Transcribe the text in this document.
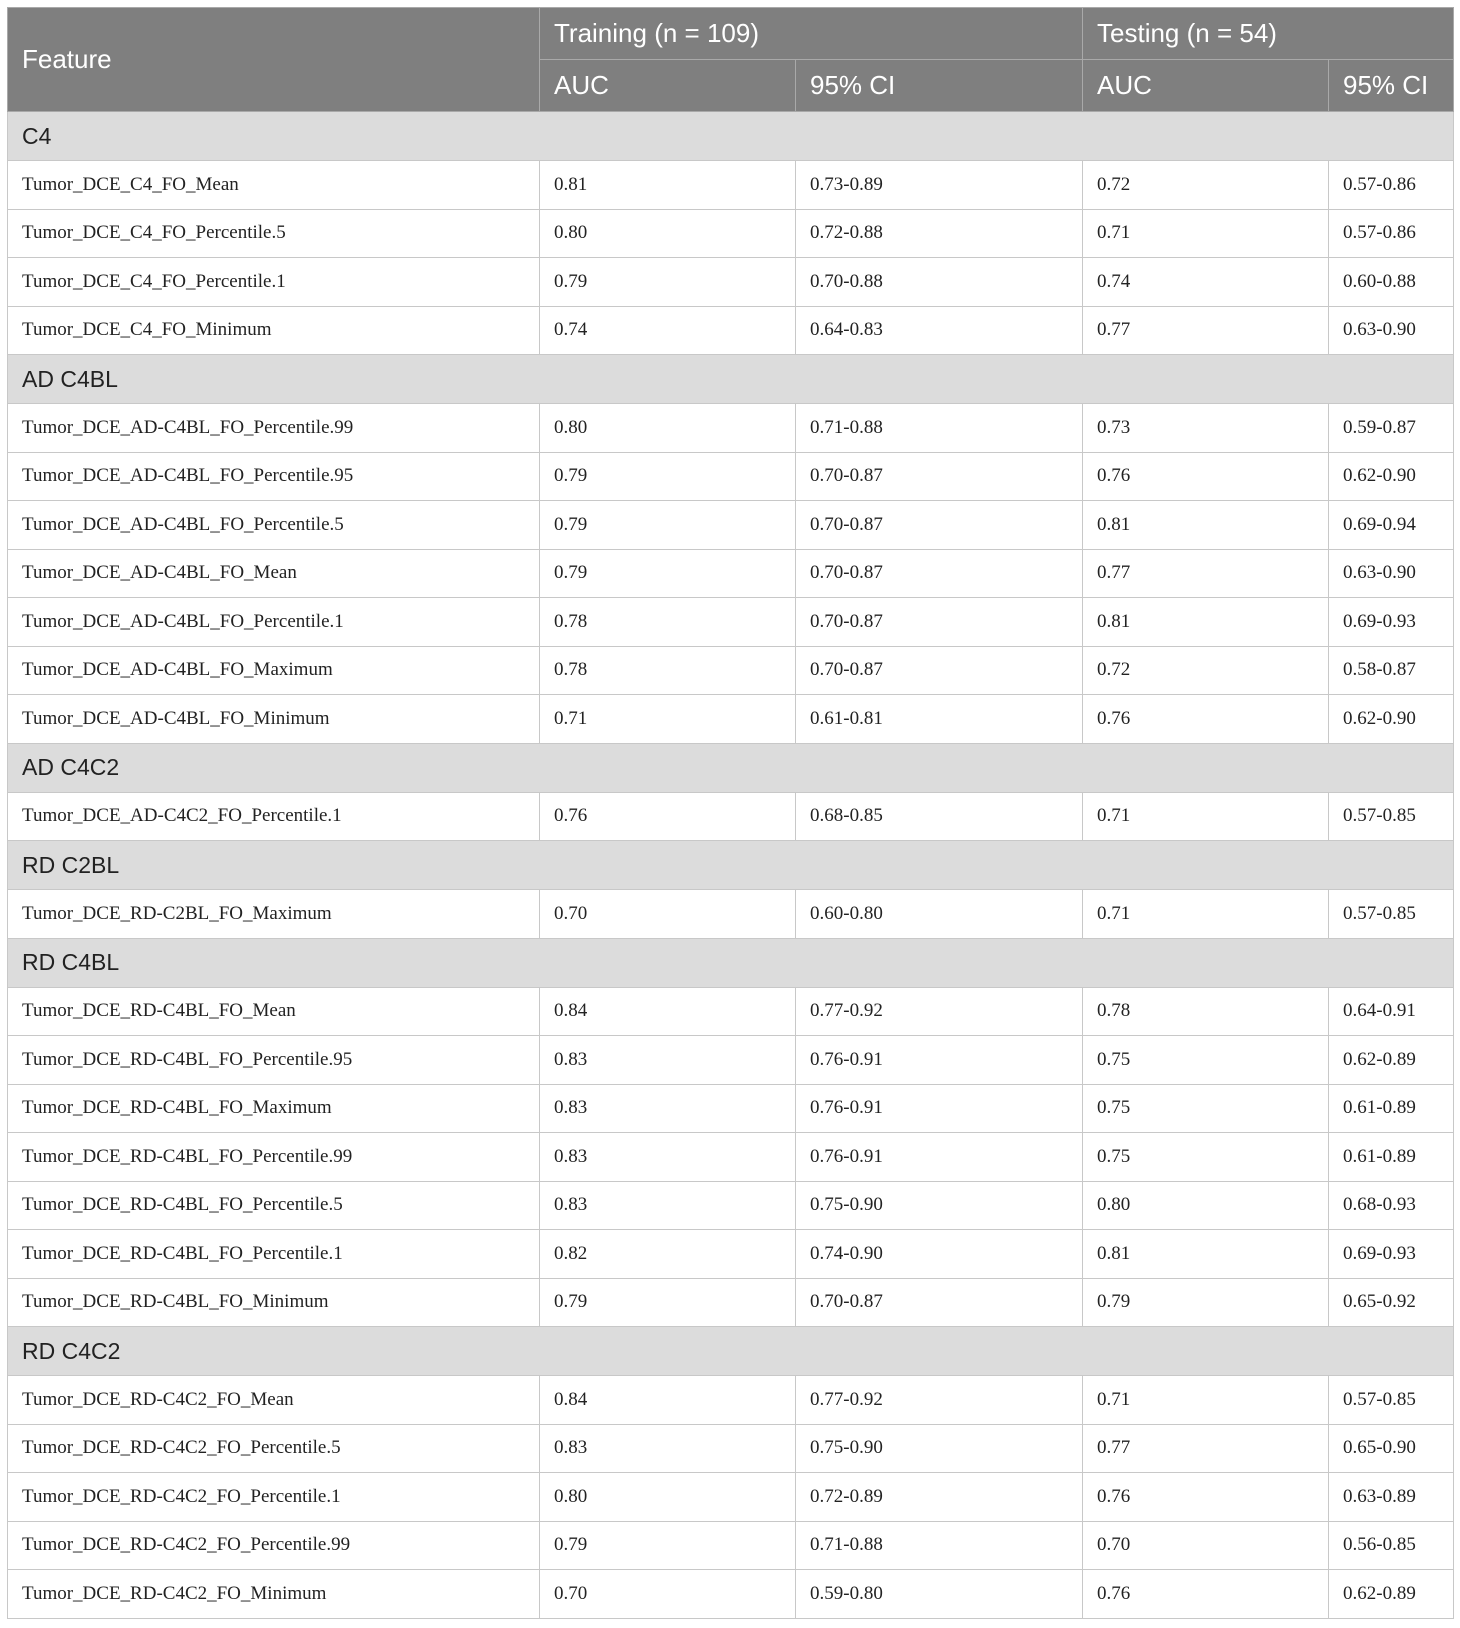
Feature	Training (n = 109)		Testing (n = 54)	
	AUC	95% CI	AUC	95% CI
C4				
Tumor_DCE_C4_FO_Mean	0.81	0.73-0.89	0.72	0.57-0.86
Tumor_DCE_C4_FO_Percentile.5	0.80	0.72-0.88	0.71	0.57-0.86
Tumor_DCE_C4_FO_Percentile.1	0.79	0.70-0.88	0.74	0.60-0.88
Tumor_DCE_C4_FO_Minimum	0.74	0.64-0.83	0.77	0.63-0.90
AD C4BL				
Tumor_DCE_AD-C4BL_FO_Percentile.99	0.80	0.71-0.88	0.73	0.59-0.87
Tumor_DCE_AD-C4BL_FO_Percentile.95	0.79	0.70-0.87	0.76	0.62-0.90
Tumor_DCE_AD-C4BL_FO_Percentile.5	0.79	0.70-0.87	0.81	0.69-0.94
Tumor_DCE_AD-C4BL_FO_Mean	0.79	0.70-0.87	0.77	0.63-0.90
Tumor_DCE_AD-C4BL_FO_Percentile.1	0.78	0.70-0.87	0.81	0.69-0.93
Tumor_DCE_AD-C4BL_FO_Maximum	0.78	0.70-0.87	0.72	0.58-0.87
Tumor_DCE_AD-C4BL_FO_Minimum	0.71	0.61-0.81	0.76	0.62-0.90
AD C4C2				
Tumor_DCE_AD-C4C2_FO_Percentile.1	0.76	0.68-0.85	0.71	0.57-0.85
RD C2BL				
Tumor_DCE_RD-C2BL_FO_Maximum	0.70	0.60-0.80	0.71	0.57-0.85
RD C4BL				
Tumor_DCE_RD-C4BL_FO_Mean	0.84	0.77-0.92	0.78	0.64-0.91
Tumor_DCE_RD-C4BL_FO_Percentile.95	0.83	0.76-0.91	0.75	0.62-0.89
Tumor_DCE_RD-C4BL_FO_Maximum	0.83	0.76-0.91	0.75	0.61-0.89
Tumor_DCE_RD-C4BL_FO_Percentile.99	0.83	0.76-0.91	0.75	0.61-0.89
Tumor_DCE_RD-C4BL_FO_Percentile.5	0.83	0.75-0.90	0.80	0.68-0.93
Tumor_DCE_RD-C4BL_FO_Percentile.1	0.82	0.74-0.90	0.81	0.69-0.93
Tumor_DCE_RD-C4BL_FO_Minimum	0.79	0.70-0.87	0.79	0.65-0.92
RD C4C2				
Tumor_DCE_RD-C4C2_FO_Mean	0.84	0.77-0.92	0.71	0.57-0.85
Tumor_DCE_RD-C4C2_FO_Percentile.5	0.83	0.75-0.90	0.77	0.65-0.90
Tumor_DCE_RD-C4C2_FO_Percentile.1	0.80	0.72-0.89	0.76	0.63-0.89
Tumor_DCE_RD-C4C2_FO_Percentile.99	0.79	0.71-0.88	0.70	0.56-0.85
Tumor_DCE_RD-C4C2_FO_Minimum	0.70	0.59-0.80	0.76	0.62-0.89
